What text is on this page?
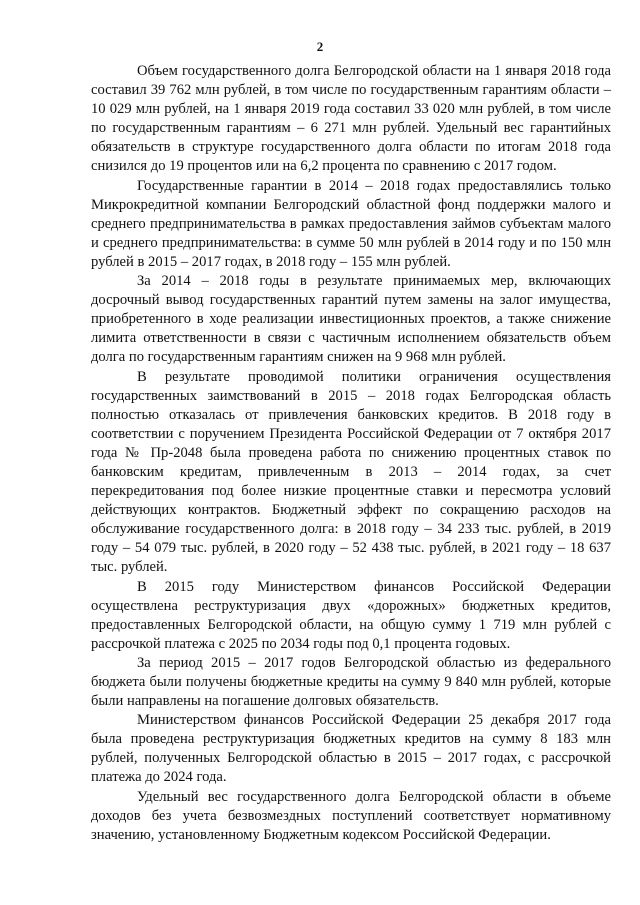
2

Объем государственного долга Белгородской области на 1 января 2018 года составил 39 762 млн рублей, в том числе по государственным гарантиям области – 10 029 млн рублей, на 1 января 2019 года составил 33 020 млн рублей, в том числе по государственным гарантиям – 6 271 млн рублей. Удельный вес гарантийных обязательств в структуре государственного долга области по итогам 2018 года снизился до 19 процентов или на 6,2 процента по сравнению с 2017 годом.

Государственные гарантии в 2014 – 2018 годах предоставлялись только Микрокредитной компании Белгородский областной фонд поддержки малого и среднего предпринимательства в рамках предоставления займов субъектам малого и среднего предпринимательства: в сумме 50 млн рублей в 2014 году и по 150 млн рублей в 2015 – 2017 годах, в 2018 году – 155 млн рублей.

За 2014 – 2018 годы в результате принимаемых мер, включающих досрочный вывод государственных гарантий путем замены на залог имущества, приобретенного в ходе реализации инвестиционных проектов, а также снижение лимита ответственности в связи с частичным исполнением обязательств объем долга по государственным гарантиям снижен на 9 968 млн рублей.

В результате проводимой политики ограничения осуществления государственных заимствований в 2015 – 2018 годах Белгородская область полностью отказалась от привлечения банковских кредитов. В 2018 году в соответствии с поручением Президента Российской Федерации от 7 октября 2017 года № Пр-2048 была проведена работа по снижению процентных ставок по банковским кредитам, привлеченным в 2013 – 2014 годах, за счет перекредитования под более низкие процентные ставки и пересмотра условий действующих контрактов. Бюджетный эффект по сокращению расходов на обслуживание государственного долга: в 2018 году – 34 233 тыс. рублей, в 2019 году – 54 079 тыс. рублей, в 2020 году – 52 438 тыс. рублей, в 2021 году – 18 637 тыс. рублей.

В 2015 году Министерством финансов Российской Федерации осуществлена реструктуризация двух «дорожных» бюджетных кредитов, предоставленных Белгородской области, на общую сумму 1 719 млн рублей с рассрочкой платежа с 2025 по 2034 годы под 0,1 процента годовых.

За период 2015 – 2017 годов Белгородской областью из федерального бюджета были получены бюджетные кредиты на сумму 9 840 млн рублей, которые были направлены на погашение долговых обязательств.

Министерством финансов Российской Федерации 25 декабря 2017 года была проведена реструктуризация бюджетных кредитов на сумму 8 183 млн рублей, полученных Белгородской областью в 2015 – 2017 годах, с рассрочкой платежа до 2024 года.

Удельный вес государственного долга Белгородской области в объеме доходов без учета безвозмездных поступлений соответствует нормативному значению, установленному Бюджетным кодексом Российской Федерации.
